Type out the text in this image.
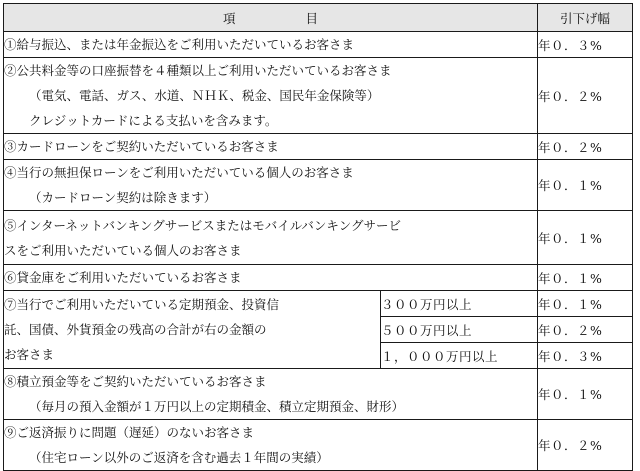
項 目		引下げ幅

①給与振込、または年金振込をご利用いただいているお客さま		年０．３%

②公共料金等の口座振替を４種類以上ご利用いただいているお客さま
（電気、電話、ガス、水道、ＮＨＫ、税金、国民年金保険等）
クレジットカードによる支払いを含みます。		年０．２%

③カードローンをご契約いただいているお客さま		年０．２%

④当行の無担保ローンをご利用いただいている個人のお客さま
（カードローン契約は除きます）		年０．１%

⑤インターネットバンキングサービスまたはモバイルバンキングサービ
スをご利用いただいている個人のお客さま		年０．１%

⑥貸金庫をご利用いただいているお客さま		年０．１%

⑦当行でご利用いただいている定期預金、投資信
託、国債、外貨預金の残高の合計が右の金額の
お客さま	３００万円以上	年０．１%
	５００万円以上	年０．２%
	１，０００万円以上	年０．３%

⑧積立預金等をご契約いただいているお客さま
（毎月の預入金額が１万円以上の定期積金、積立定期預金、財形）		年０．１%

⑨ご返済振りに問題（遅延）のないお客さま
（住宅ローン以外のご返済を含む過去１年間の実績）		年０．２%
